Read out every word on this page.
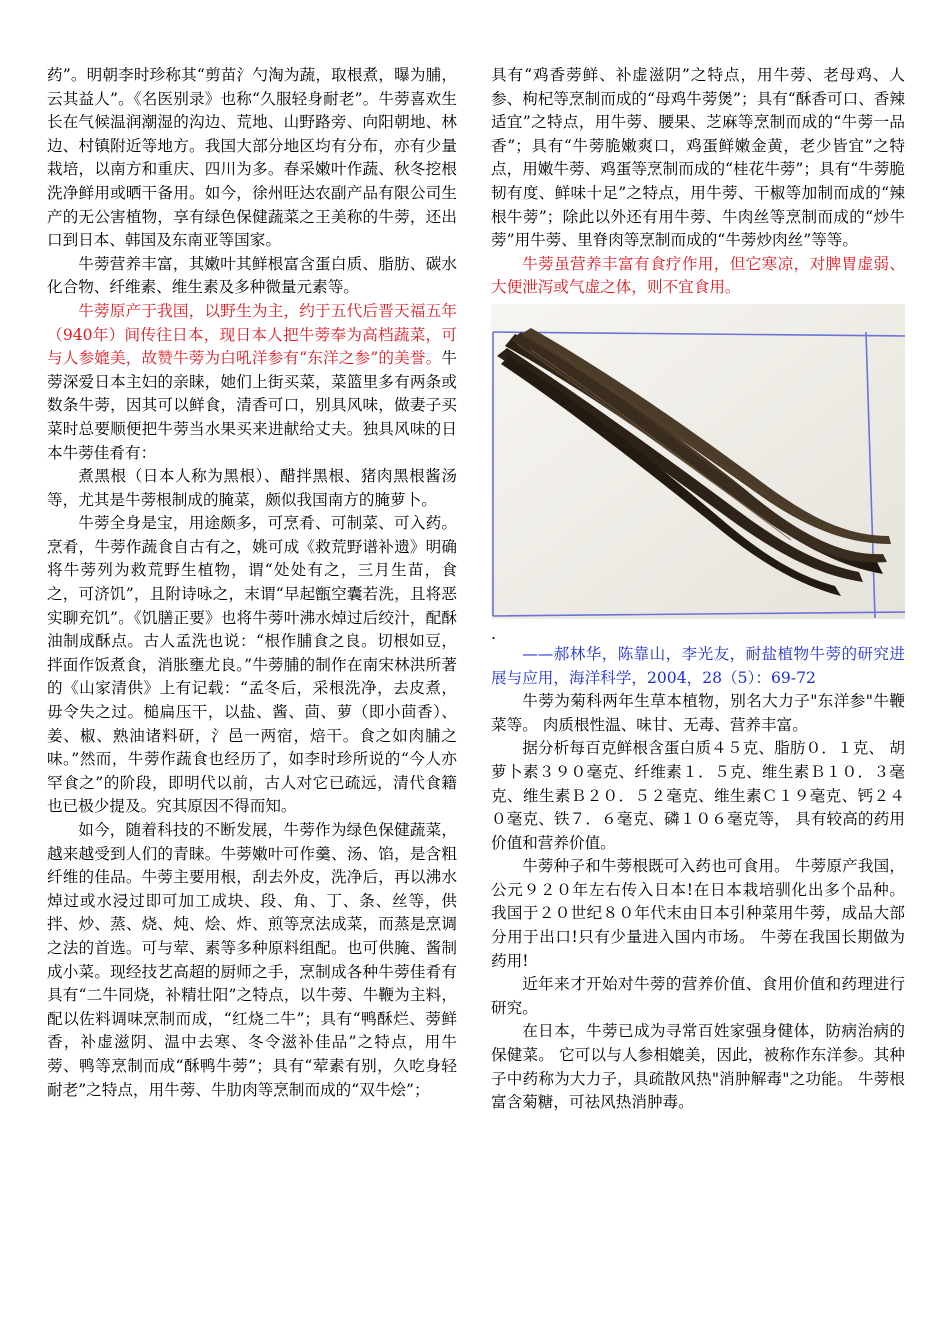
药”。明朝李时珍称其“剪苗氵勺淘为蔬，取根煮，曝为脯，云其益人”。《名医别录》也称“久服轻身耐老”。牛蒡喜欢生长在气候温润潮湿的沟边、荒地、山野路旁、向阳朝地、林边、村镇附近等地方。我国大部分地区均有分布，亦有少量栽培，以南方和重庆、四川为多。春采嫩叶作蔬、秋冬挖根洗净鲜用或晒干备用。如今，徐州旺达农副产品有限公司生产的无公害植物，享有绿色保健蔬菜之王美称的牛蒡，还出口到日本、韩国及东南亚等国家。

牛蒡营养丰富，其嫩叶其鲜根富含蛋白质、脂肪、碳水化合物、纤维素、维生素及多种微量元素等。

牛蒡原产于我国，以野生为主，约于五代后晋天福五年（940年）间传往日本，现日本人把牛蒡奉为高档蔬菜，可与人参媲美，故赞牛蒡为白吼洋参有“东洋之参”的美誉。牛蒡深爱日本主妇的亲睐，她们上街买菜，菜篮里多有两条或数条牛蒡，因其可以鲜食，清香可口，别具风味，做妻子买菜时总要顺便把牛蒡当水果买来进献给丈夫。独具风味的日本牛蒡佳肴有：

煮黑根（日本人称为黑根）、醋拌黑根、猪肉黑根酱汤等，尤其是牛蒡根制成的腌菜，颇似我国南方的腌萝卜。

牛蒡全身是宝，用途颇多，可烹肴、可制菜、可入药。烹肴，牛蒡作蔬食自古有之，姚可成《救荒野谱补遗》明确将牛蒡列为救荒野生植物，谓“处处有之，三月生苗，食之，可济饥”，且附诗咏之，末谓“早起甑空囊若洗，且将恶实聊充饥”。《饥膳正要》也将牛蒡叶沸水焯过后绞汁，配酥油制成酥点。古人孟洗也说：“根作脯食之良。切根如豆，拌面作饭煮食，消胀壅尤良。”牛蒡脯的制作在南宋林洪所著的《山家清供》上有记载：“孟冬后，采根洗净，去皮煮，毋令失之过。槌扁压干，以盐、酱、茴、萝（即小茴香）、姜、椒、熟油诸料研，氵邑一两宿，焙干。食之如肉脯之味。”然而，牛蒡作蔬食也经历了，如李时珍所说的“今人亦罕食之”的阶段，即明代以前，古人对它已疏远，清代食籍也已极少提及。究其原因不得而知。

如今，随着科技的不断发展，牛蒡作为绿色保健蔬菜，越来越受到人们的青睐。牛蒡嫩叶可作羹、汤、馅，是含粗纤维的佳品。牛蒡主要用根，刮去外皮，洗净后，再以沸水焯过或水浸过即可加工成块、段、角、丁、条、丝等，供拌、炒、蒸、烧、炖、烩、炸、煎等烹法成菜，而蒸是烹调之法的首选。可与荤、素等多种原料组配。也可供腌、酱制成小菜。现经技艺高超的厨师之手，烹制成各种牛蒡佳肴有具有“二牛同烧，补精壮阳”之特点，以牛蒡、牛鞭为主料，配以佐料调味烹制而成，“红烧二牛”；具有“鸭酥烂、蒡鲜香，补虚滋阴、温中去寒、冬令滋补佳品”之特点，用牛蒡、鸭等烹制而成“酥鸭牛蒡”；具有“荤素有别，久吃身轻耐老”之特点，用牛蒡、牛肋肉等烹制而成的“双牛烩”；

具有“鸡香蒡鲜、补虚滋阴”之特点，用牛蒡、老母鸡、人参、枸杞等烹制而成的“母鸡牛蒡煲”；具有“酥香可口、香辣适宜”之特点，用牛蒡、腰果、芝麻等烹制而成的“牛蒡一品香”；具有“牛蒡脆嫩爽口，鸡蛋鲜嫩金黄，老少皆宜”之特点，用嫩牛蒡、鸡蛋等烹制而成的“桂花牛蒡”；具有“牛蒡脆韧有度、鲜味十足”之特点，用牛蒡、干椒等加制而成的“辣根牛蒡”；除此以外还有用牛蒡、牛肉丝等烹制而成的“炒牛蒡”用牛蒡、里脊肉等烹制而成的“牛蒡炒肉丝”等等。

牛蒡虽营养丰富有食疗作用，但它寒凉，对脾胃虚弱、大便泄泻或气虚之体，则不宜食用。

.

——郝林华，陈靠山，李光友，耐盐植物牛蒡的研究进展与应用，海洋科学，2004，28（5）：69-72

牛蒡为菊科两年生草本植物，别名大力子"东洋参"牛鞭菜等。 肉质根性温、味甘、无毒、营养丰富。

据分析每百克鲜根含蛋白质４５克、脂肪０．１克、 胡萝卜素３９０毫克、纤维素１．５克、维生素Ｂ１０．３毫克、维生素Ｂ２０．５２毫克、维生素Ｃ１９毫克、钙２４０毫克、铁７．６毫克、磷１０６毫克等， 具有较高的药用价值和营养价值。

牛蒡种子和牛蒡根既可入药也可食用。 牛蒡原产我国，公元９２０年左右传入日本!在日本栽培驯化出多个品种。 我国于２０世纪８０年代末由日本引种菜用牛蒡，成品大部分用于出口!只有少量进入国内市场。 牛蒡在我国长期做为药用!

近年来才开始对牛蒡的营养价值、食用价值和药理进行研究。

在日本，牛蒡已成为寻常百姓家强身健体，防病治病的保健菜。 它可以与人参相媲美，因此，被称作东洋参。其种子中药称为大力子，具疏散风热"消肿解毒"之功能。 牛蒡根富含菊糖，可祛风热消肿毒。
